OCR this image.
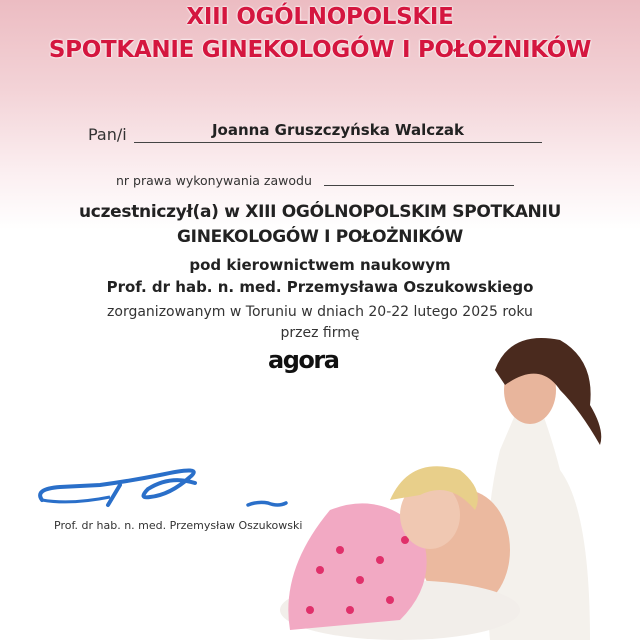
XIII OGÓLNOPOLSKIE
SPOTKANIE GINEKOLOGÓW I POŁOŻNIKÓW
Pan/i	Joanna Gruszczyńska Walczak
nr prawa wykonywania zawodu
uczestniczył(a) w XIII OGÓLNOPOLSKIM SPOTKANIU
GINEKOLOGÓW I POŁOŻNIKÓW
pod kierownictwem naukowym
Prof. dr hab. n. med. Przemysława Oszukowskiego
zorganizowanym w Toruniu w dniach 20-22 lutego 2025 roku
przez firmę
agora
Prof. dr hab. n. med. Przemysław Oszukowski
